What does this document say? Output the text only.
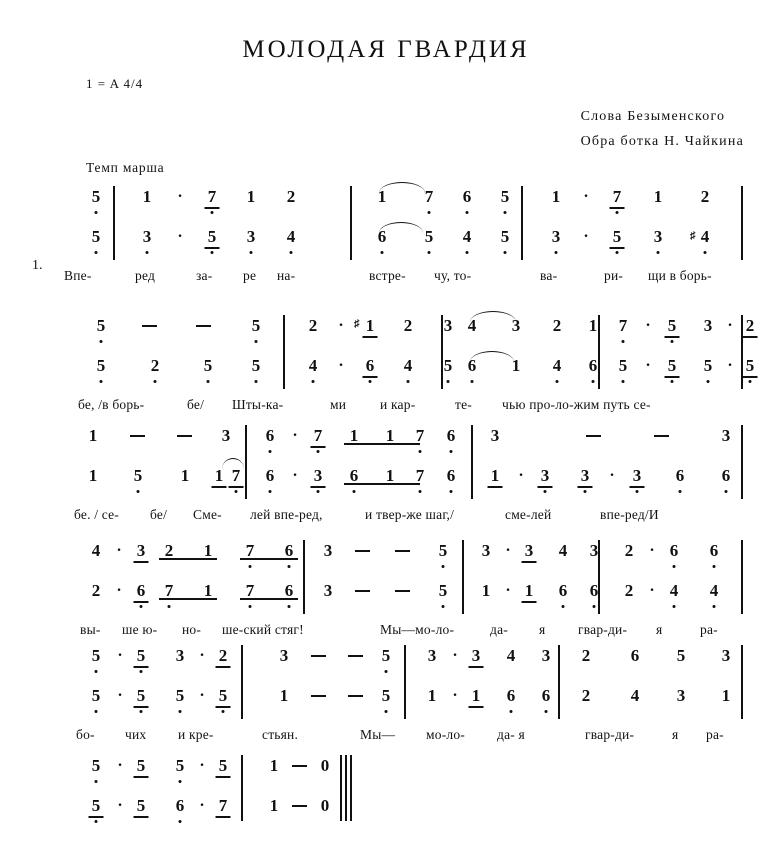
МОЛОДАЯ ГВАРДИЯ
1 = A 4/4
Слова Безыменского
Обра ботка Н. Чайкина
Темп марша
1.
5	1	·	7 1 2	1 7 6 5	1	·	7 1 2
5	3	·	5 3 4	6 5 4 5	3	·	5 3	♯ 4

Впе-	ред	за-

ре на-	встре-

чу, то-	ва-	ри-

щи в борь-

5	5	2	· ♯ 1 2 3 4 3 2 1 7	·	5 3 · 2
5	2	5 5	4	·	6 4 5 6 1 4 6 5	·	5 5 · 5

бе, /в борь-	бе/ Шты-ка-

	ми	и кар-	те-

чью про-ло-жим путь се-

1	3 6	· 7 1 1 7 6 3	3
1 5 1 1 7 6	· 3 6 1 7 6 1	·	3 3	·	3 6 6

бе. / се- бе/ Сме-

лей впе-ред,	и твер-же шаг,/

	сме-лей	впе-ред/И

4	· 3 2 1 7 6 3	5 3 · 3 4 3 2	· 6 6
2	· 6 7 1 7 6 3	5 1 · 1 6 6 2	· 4 4

вы- ше ю- но-

ше-ский стяг!	Мы—мо-ло-

	да- я гвар-ди-

я	ра-

5	· 5 3 · 2	3	5 3	· 3 4 3 2 6 5 3
5	· 5 5 · 5	1	5 1	· 1 6 6 2 4 3 1

бо- чих и кре-

	стьян.	Мы— мо-ло-

да- я	гвар-ди-	я

ра-

5	· 5 5 · 5	1	0
5	· 5 6 · 7	1	0
